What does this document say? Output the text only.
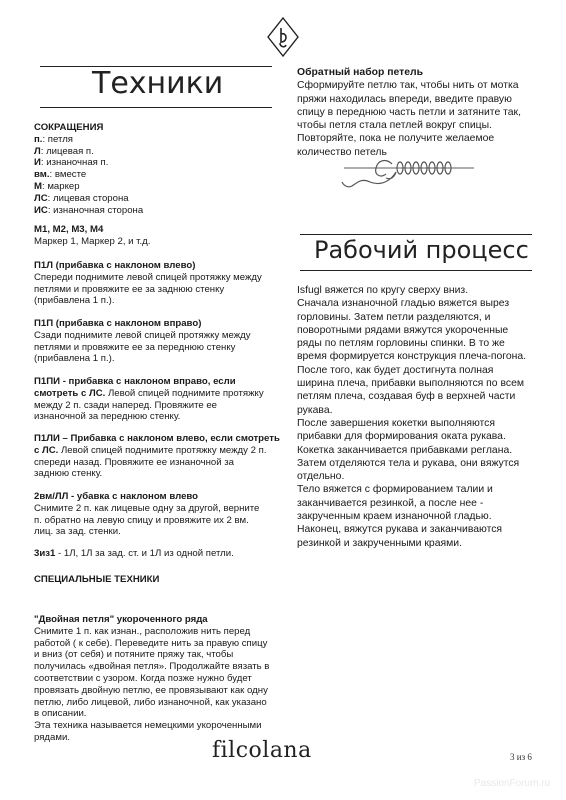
Техники
СОКРАЩЕНИЯ
п.: петля
Л: лицевая п.
И: изнаночная п.
вм.: вместе
М: маркер
ЛС: лицевая сторона
ИС: изнаночная сторона
М1, М2, М3, М4
Маркер 1, Маркер 2, и т.д.
П1Л (прибавка с наклоном влево)
Спереди поднимите левой спицей протяжку между
петлями и провяжите ее за заднюю стенку
(прибавлена 1 п.).
П1П (прибавка с наклоном вправо)
Сзади поднимите левой спицей протяжку между
петлями и провяжите ее за переднюю стенку
(прибавлена 1 п.).
П1ПИ - прибавка с наклоном вправо, если
смотреть с ЛС. Левой спицей поднимите протяжку
между 2 п. сзади наперед. Провяжите ее
изнаночной за переднюю стенку.
П1ЛИ – Прибавка с наклоном влево, если смотреть
с ЛС. Левой спицей поднимите протяжку между 2 п.
спереди назад. Провяжите ее изнаночной за
заднюю стенку.
2вм/ЛЛ - убавка с наклоном влево
Снимите 2 п. как лицевые одну за другой, верните
п. обратно на левую спицу и провяжите их 2 вм.
лиц. за зад. стенки.
3из1 - 1Л, 1Л за зад. ст. и 1Л из одной петли.
СПЕЦИАЛЬНЫЕ ТЕХНИКИ
"Двойная петля" укороченного ряда
Снимите 1 п. как изнан., расположив нить перед
работой ( к себе). Переведите нить за правую спицу
и вниз (от себя) и потяните пряжу так, чтобы
получилась «двойная петля». Продолжайте вязать в
соответствии с узором. Когда позже нужно будет
провязать двойную петлю, ее провязывают как одну
петлю, либо лицевой, либо изнаночной, как указано
в описании.
Эта техника называется немецкими укороченными
рядами.
Обратный набор петель
Сформируйте петлю так, чтобы нить от мотка
пряжи находилась впереди, введите правую
спицу в переднюю часть петли и затяните так,
чтобы петля стала петлей вокруг спицы.
Повторяйте, пока не получите желаемое
количество петель
Рабочий процесс
Isfugl вяжется по кругу сверху вниз.
Сначала изнаночной гладью вяжется вырез
горловины. Затем петли разделяются, и
поворотными рядами вяжутся укороченные
ряды по петлям горловины спинки. В то же
время формируется конструкция плеча-погона.
После того, как будет достигнута полная
ширина плеча, прибавки выполняются по всем
петлям плеча, создавая буф в верхней части
рукава.
После завершения кокетки выполняются
прибавки для формирования оката рукава.
Кокетка заканчивается прибавками реглана.
Затем отделяются тела и рукава, они вяжутся
отдельно.
Тело вяжется с формированием талии и
заканчивается резинкой, а после нее -
закрученным краем изнаночной гладью.
Наконец, вяжутся рукава и заканчиваются
резинкой и закрученными краями.
filcolana	3 из 6
PassionForum.ru
